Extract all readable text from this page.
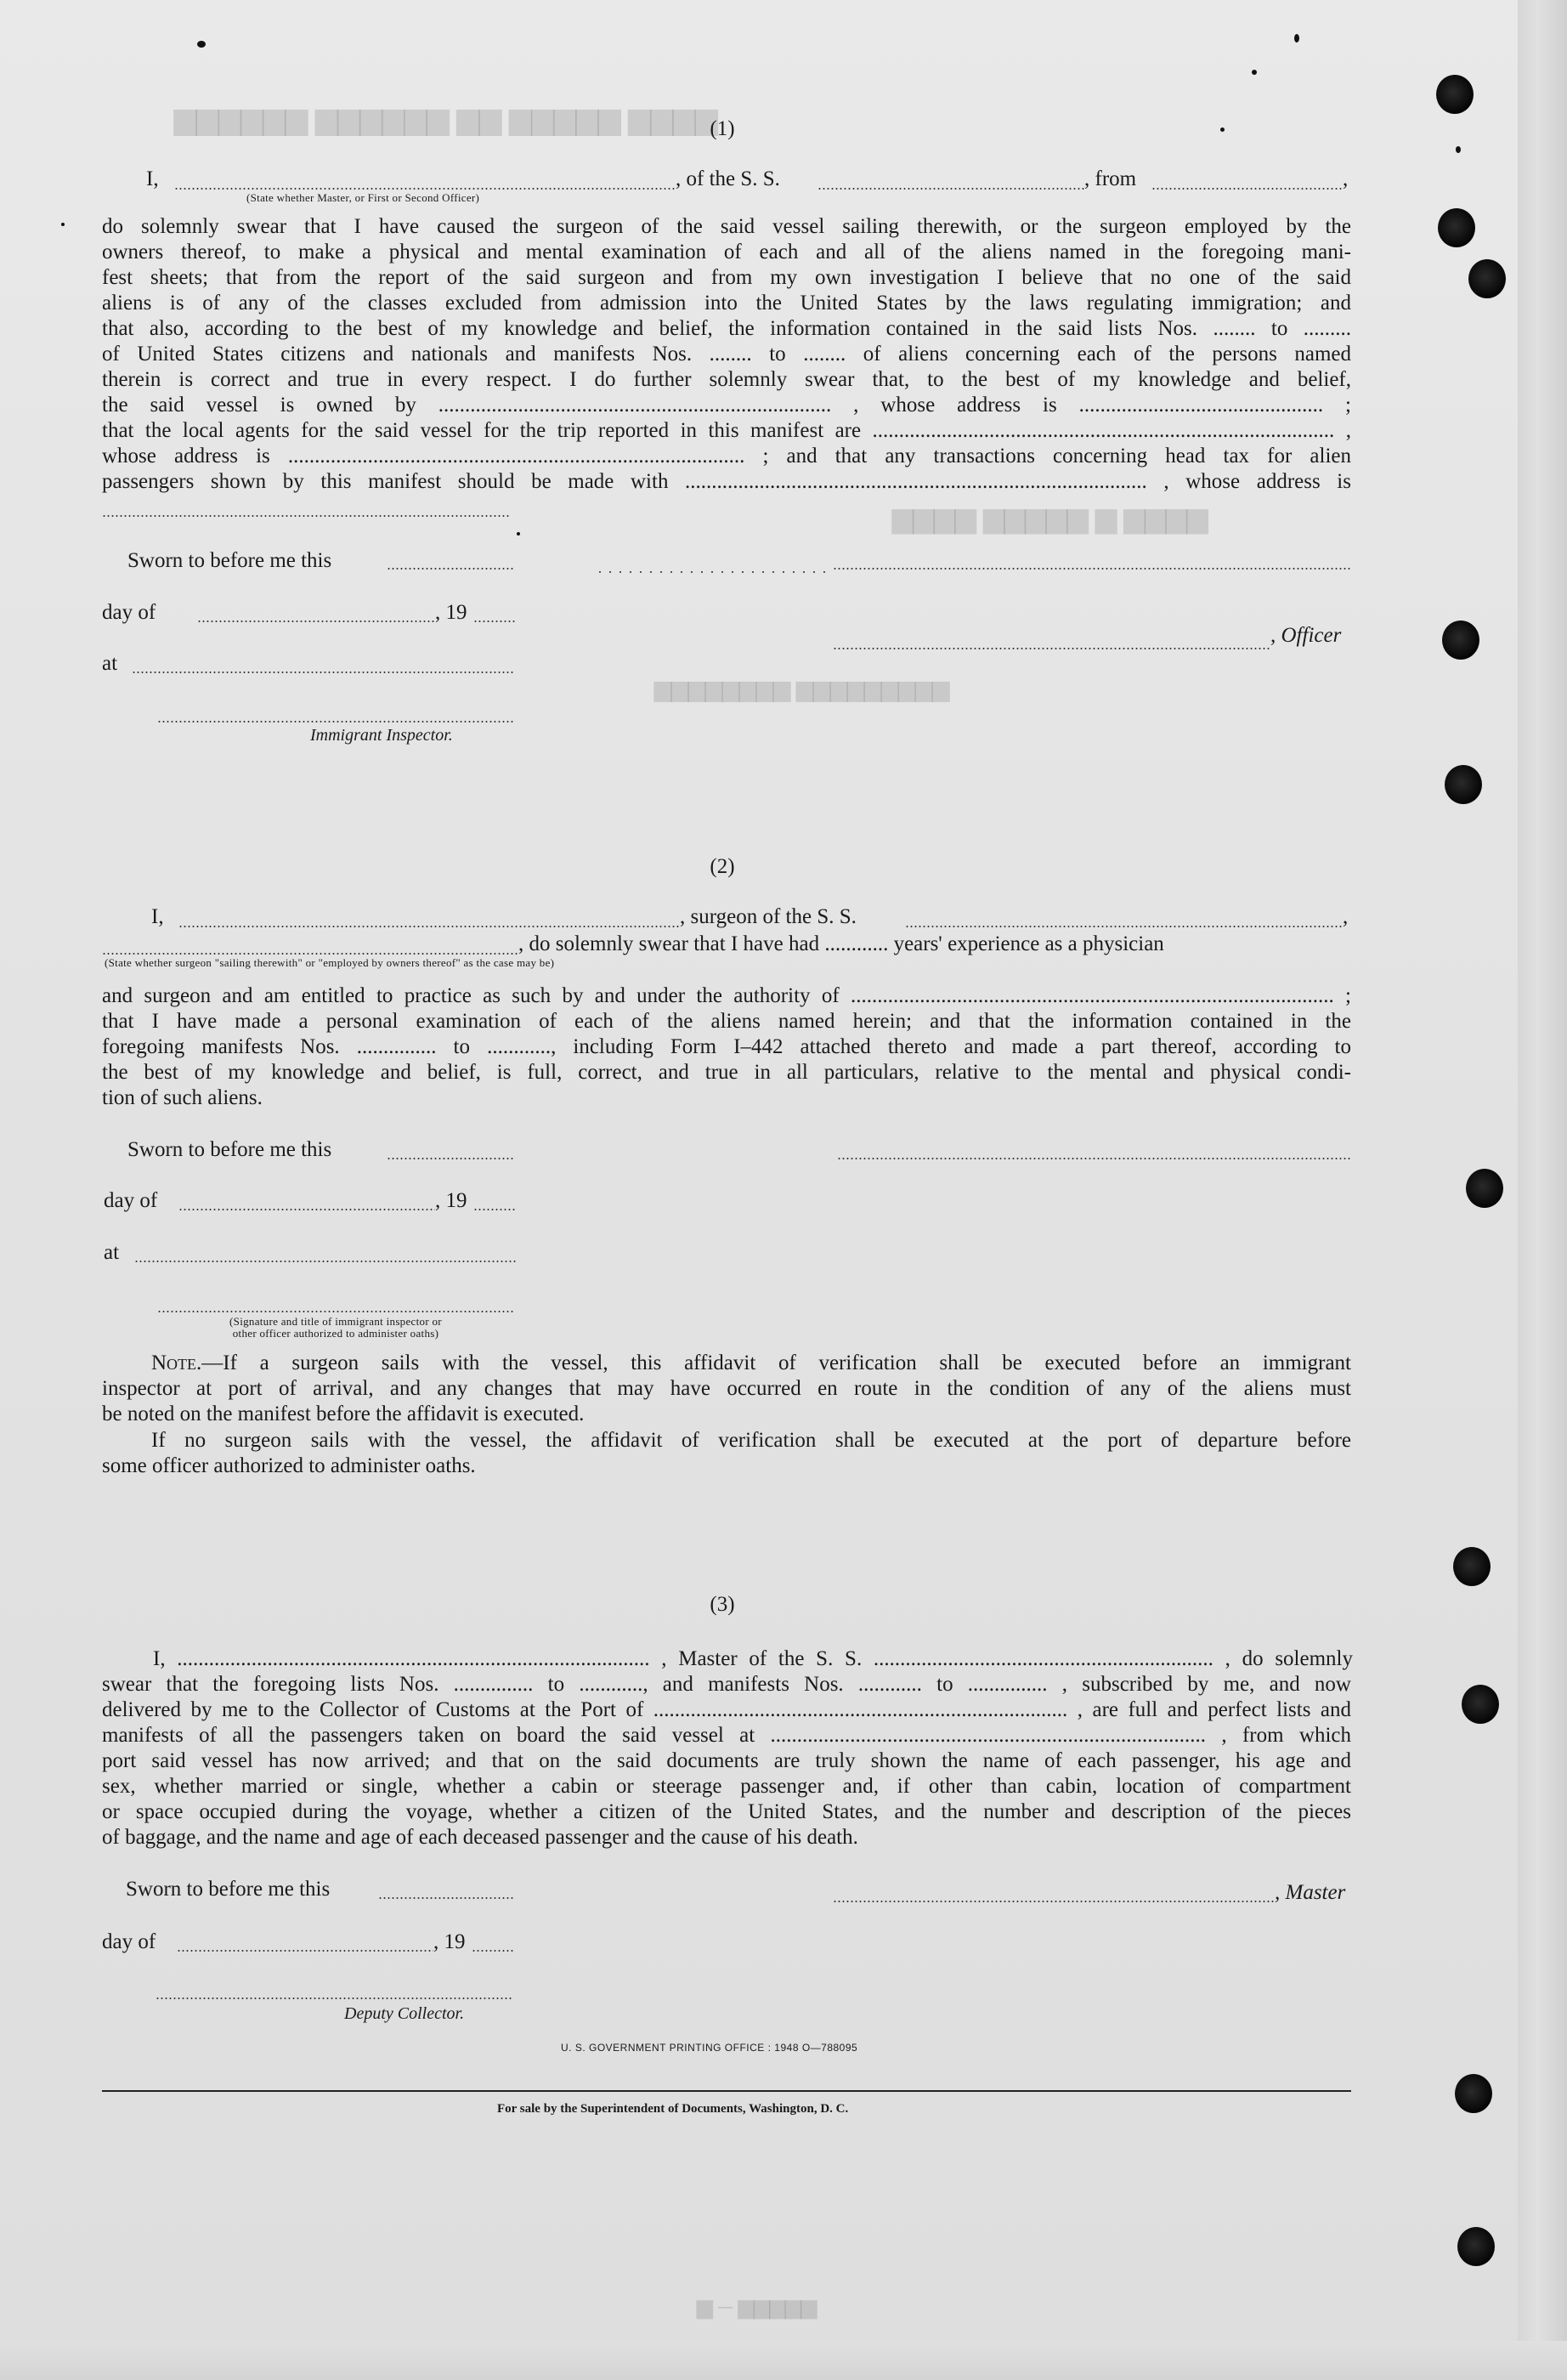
▆▆▆▆ ▆▆▆▆▆ ▆▆ ▆▆▆▆▆▆ ▆▆▆▆▆▆
▆▆▆▆ ▆ ▆▆▆▆▆ ▆▆▆▆
▆▆▆▆▆▆▆▆▆ ▆▆▆▆▆▆▆▆
▆▆▆▆▆ ─ ▆
(1)
I,	, of the S. S.	, from	,
(State whether Master, or First or Second Officer)
do solemnly swear that I have caused the surgeon of the said vessel sailing therewith, or the surgeon employed by the
owners thereof, to make a physical and mental examination of each and all of the aliens named in the foregoing mani-
fest sheets; that from the report of the said surgeon and from my own investigation I believe that no one of the said
aliens is of any of the classes excluded from admission into the United States by the laws regulating immigration; and
that also, according to the best of my knowledge and belief, the information contained in the said lists Nos. ........ to .........
of United States citizens and nationals and manifests Nos. ........ to ........ of aliens concerning each of the persons named
therein is correct and true in every respect. I do further solemnly swear that, to the best of my knowledge and belief,
the said vessel is owned by .......................................................................... , whose address is .............................................. ;
that the local agents for the said vessel for the trip reported in this manifest are ....................................................................................... ,
whose address is ...................................................................................... ; and that any transactions concerning head tax for alien
passengers shown by this manifest should be made with ....................................................................................... , whose address is
Sworn to before me this
day of	, 19
, Officer
at
Immigrant Inspector.
(2)
I,	, surgeon of the S. S.	,
, do solemnly swear that I have had ............ years' experience as a physician
(State whether surgeon "sailing therewith" or "employed by owners thereof" as the case may be)
and surgeon and am entitled to practice as such by and under the authority of ........................................................................................... ;
that I have made a personal examination of each of the aliens named herein; and that the information contained in the
foregoing manifests Nos. ............... to ............, including Form I–442 attached thereto and made a part thereof, according to
the best of my knowledge and belief, is full, correct, and true in all particulars, relative to the mental and physical condi-
tion of such aliens.
Sworn to before me this
day of	, 19
at
(Signature and title of immigrant inspector or
other officer authorized to administer oaths)
Note.—If a surgeon sails with the vessel, this affidavit of verification shall be executed before an immigrant
inspector at port of arrival, and any changes that may have occurred en route in the condition of any of the aliens must
be noted on the manifest before the affidavit is executed.
If no surgeon sails with the vessel, the affidavit of verification shall be executed at the port of departure before
some officer authorized to administer oaths.
(3)
I, ......................................................................................... , Master of the S. S. ................................................................ , do solemnly
swear that the foregoing lists Nos. ............... to ............, and manifests Nos. ............ to ............... , subscribed by me, and now
delivered by me to the Collector of Customs at the Port of .............................................................................. , are full and perfect lists and
manifests of all the passengers taken on board the said vessel at .................................................................................. , from which
port said vessel has now arrived; and that on the said documents are truly shown the name of each passenger, his age and
sex, whether married or single, whether a cabin or steerage passenger and, if other than cabin, location of compartment
or space occupied during the voyage, whether a citizen of the United States, and the number and description of the pieces
of baggage, and the name and age of each deceased passenger and the cause of his death.
Sworn to before me this	, Master
day of	, 19
Deputy Collector.
U. S. GOVERNMENT PRINTING OFFICE : 1948 O—788095
For sale by the Superintendent of Documents, Washington, D. C.
